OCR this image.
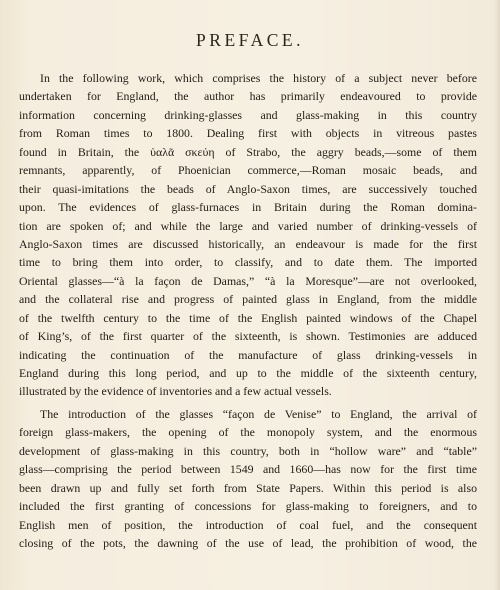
PREFACE.
In the following work, which comprises the history of a subject never before
undertaken for England, the author has primarily endeavoured to provide
information concerning drinking-glasses and glass-making in this country
from Roman times to 1800. Dealing first with objects in vitreous pastes
found in Britain, the ὑαλᾶ σκεύη of Strabo, the aggry beads,—some of them
remnants, apparently, of Phoenician commerce,—Roman mosaic beads, and
their quasi-imitations the beads of Anglo-Saxon times, are successively touched
upon. The evidences of glass-furnaces in Britain during the Roman domina-
tion are spoken of; and while the large and varied number of drinking-vessels of
Anglo-Saxon times are discussed historically, an endeavour is made for the first
time to bring them into order, to classify, and to date them. The imported
Oriental glasses—“à la façon de Damas,” “à la Moresque”—are not overlooked,
and the collateral rise and progress of painted glass in England, from the middle
of the twelfth century to the time of the English painted windows of the Chapel
of King’s, of the first quarter of the sixteenth, is shown. Testimonies are adduced
indicating the continuation of the manufacture of glass drinking-vessels in
England during this long period, and up to the middle of the sixteenth century,
illustrated by the evidence of inventories and a few actual vessels.
The introduction of the glasses “façon de Venise” to England, the arrival of
foreign glass-makers, the opening of the monopoly system, and the enormous
development of glass-making in this country, both in “hollow ware” and “table”
glass—comprising the period between 1549 and 1660—has now for the first time
been drawn up and fully set forth from State Papers. Within this period is also
included the first granting of concessions for glass-making to foreigners, and to
English men of position, the introduction of coal fuel, and the consequent
closing of the pots, the dawning of the use of lead, the prohibition of wood, the
